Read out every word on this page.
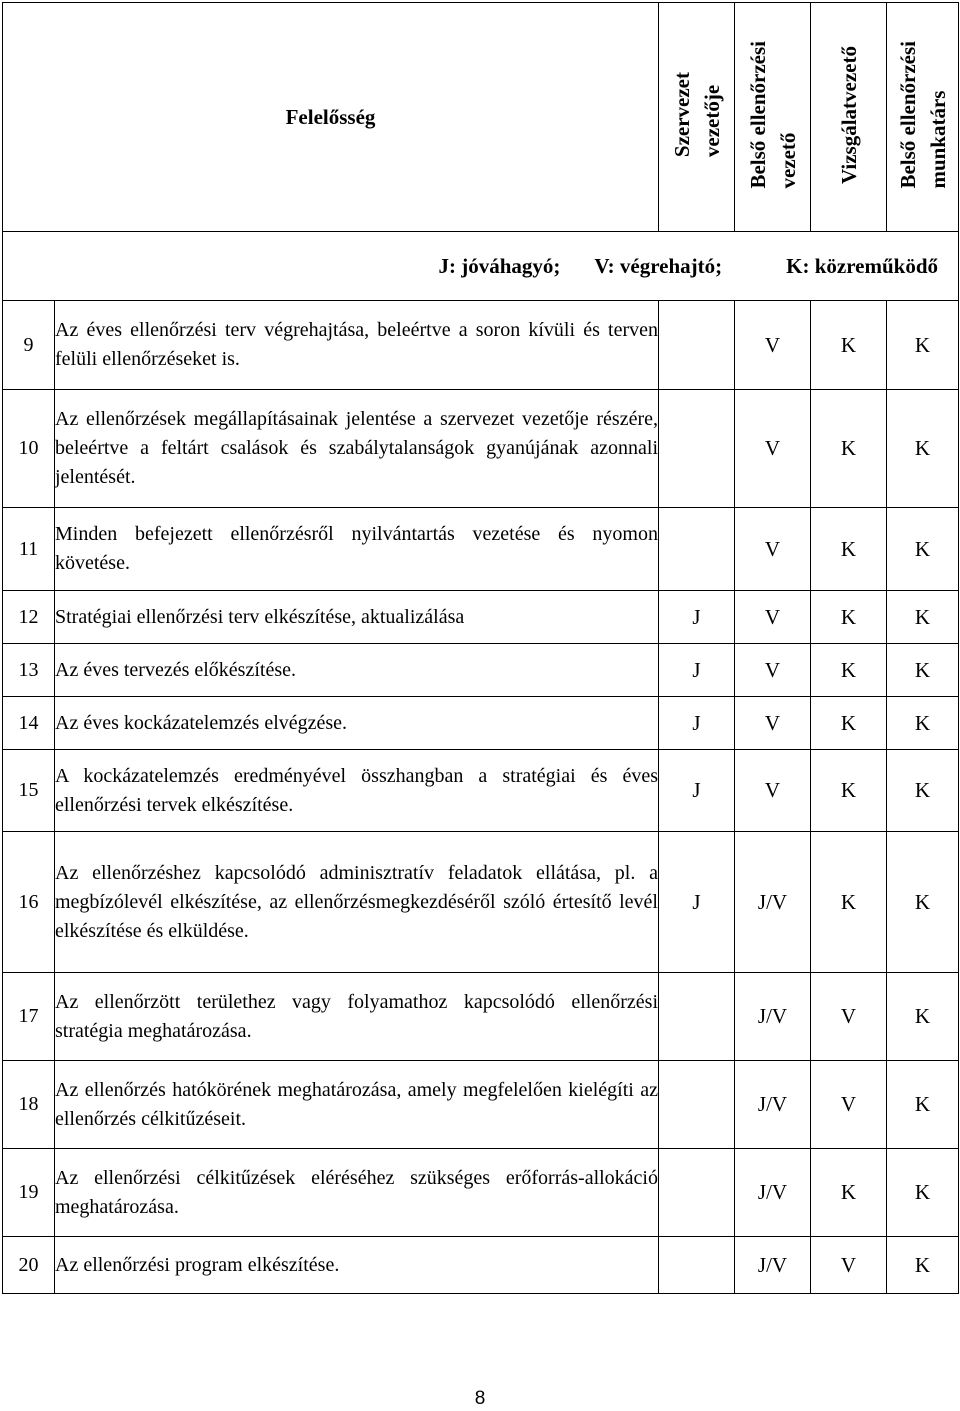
Felelősség		Szervezet vezetője	Belső ellenőrzési vezető	Vizsgálatvezető	Belső ellenőrzési munkatárs

J: jóváhagyó; V: végrehajtó; K: közreműködő					

9	Az éves ellenőrzési terv végrehajtása, beleértve a soron kívüli és terven felüli ellenőrzéseket is.		V	K	K
10	Az ellenőrzések megállapításainak jelentése a szervezet vezetője részére, beleértve a feltárt csalások és szabálytalanságok gyanújának azonnali jelentését.		V	K	K
11	Minden befejezett ellenőrzésről nyilvántartás vezetése és nyomon követése.		V	K	K
12	Stratégiai ellenőrzési terv elkészítése, aktualizálása	J	V	K	K
13	Az éves tervezés előkészítése.	J	V	K	K
14	Az éves kockázatelemzés elvégzése.	J	V	K	K
15	A kockázatelemzés eredményével összhangban a stratégiai és éves ellenőrzési tervek elkészítése.	J	V	K	K
16	Az ellenőrzéshez kapcsolódó adminisztratív feladatok ellátása, pl. a megbízólevél elkészítése, az ellenőrzésmegkezdéséről szóló értesítő levél elkészítése és elküldése.	J	J/V	K	K
17	Az ellenőrzött területhez vagy folyamathoz kapcsolódó ellenőrzési stratégia meghatározása.		J/V	V	K
18	Az ellenőrzés hatókörének meghatározása, amely megfelelően kielégíti az ellenőrzés célkitűzéseit.		J/V	V	K
19	Az ellenőrzési célkitűzések eléréséhez szükséges erőforrás-allokáció meghatározása.		J/V	K	K
20	Az ellenőrzési program elkészítése.		J/V	V	K
8
